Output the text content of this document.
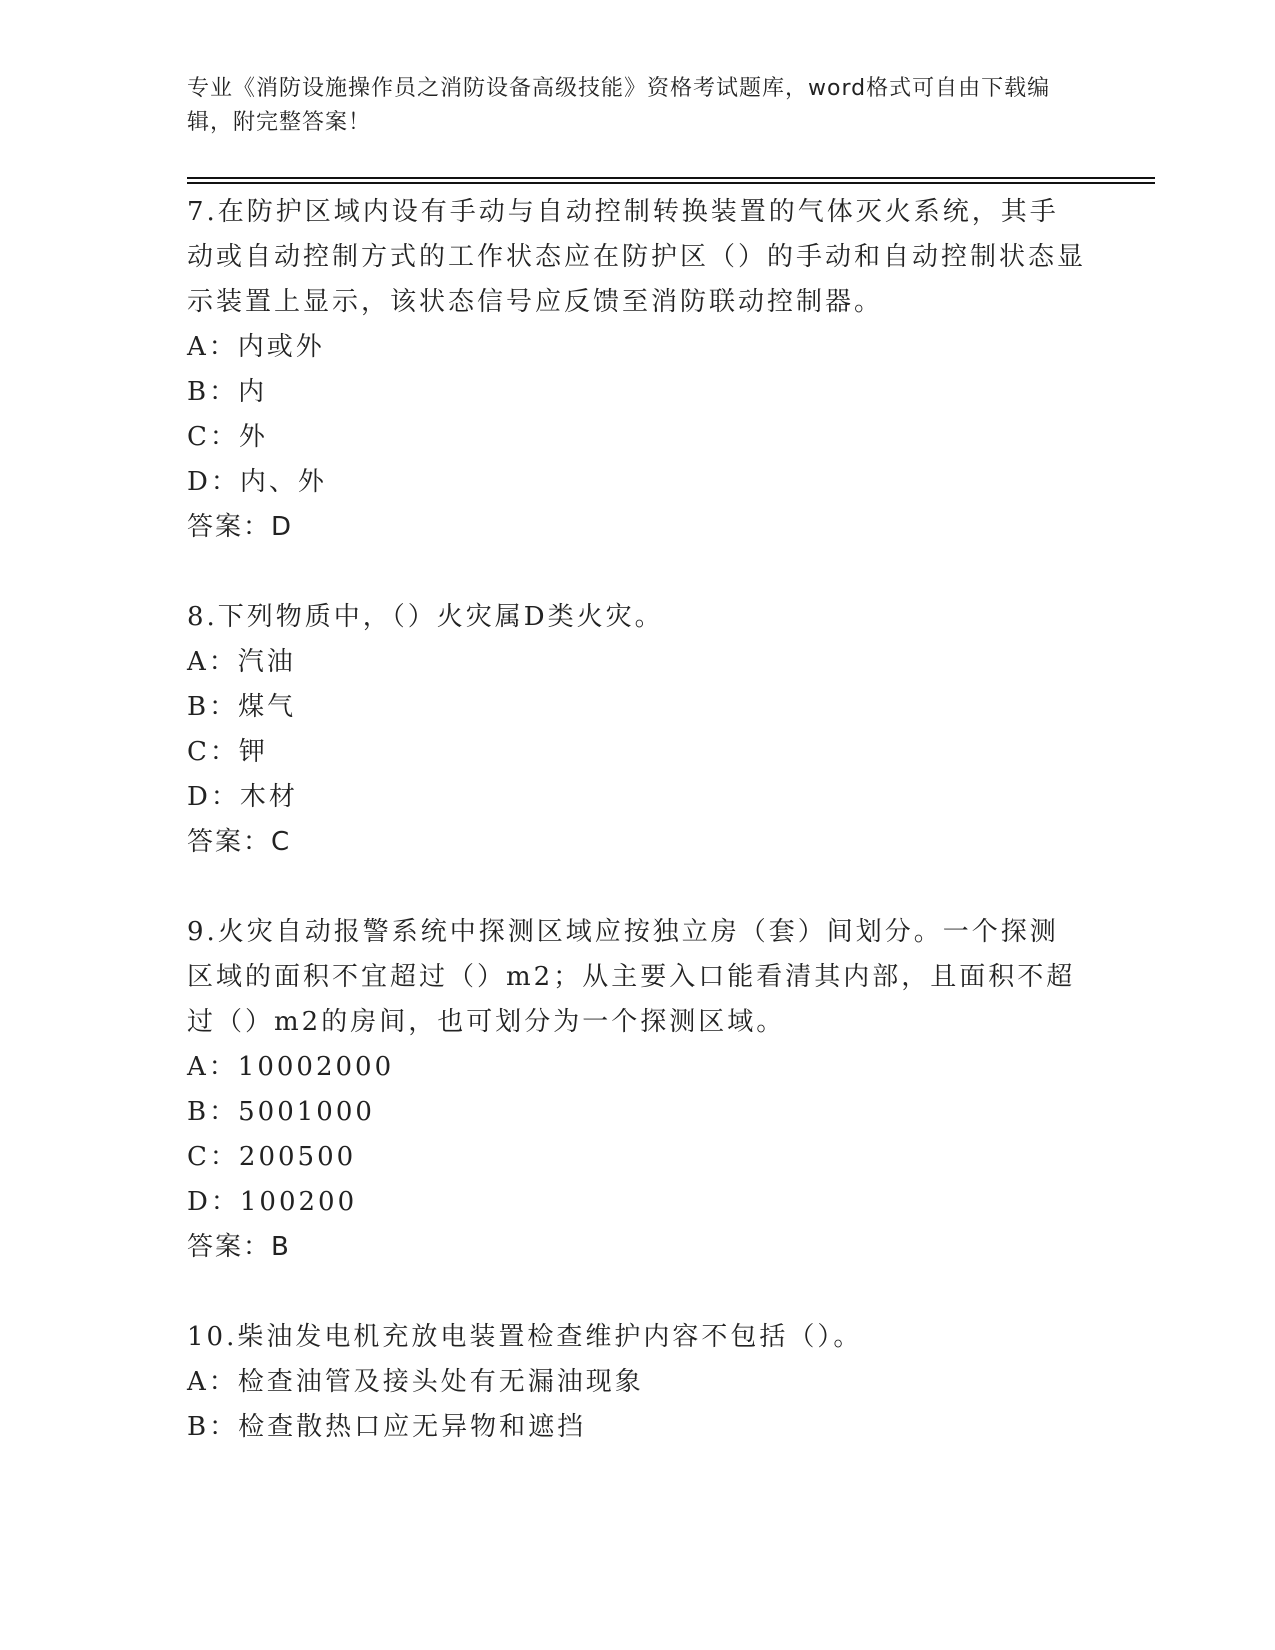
专业《消防设施操作员之消防设备高级技能》资格考试题库，word格式可自由下载编辑，附完整答案！

7.在防护区域内设有手动与自动控制转换装置的气体灭火系统，其手动或自动控制方式的工作状态应在防护区（）的手动和自动控制状态显示装置上显示，该状态信号应反馈至消防联动控制器。

A：内或外

B：内

C：外

D：内、外

答案：D

8.下列物质中，（）火灾属D类火灾。

A：汽油

B：煤气

C：钾

D：木材

答案：C

9.火灾自动报警系统中探测区域应按独立房（套）间划分。一个探测区域的面积不宜超过（）m2；从主要入口能看清其内部，且面积不超过（）m2的房间，也可划分为一个探测区域。

A：10002000

B：5001000

C：200500

D：100200

答案：B

10.柴油发电机充放电装置检查维护内容不包括（）。

A：检查油管及接头处有无漏油现象

B：检查散热口应无异物和遮挡
